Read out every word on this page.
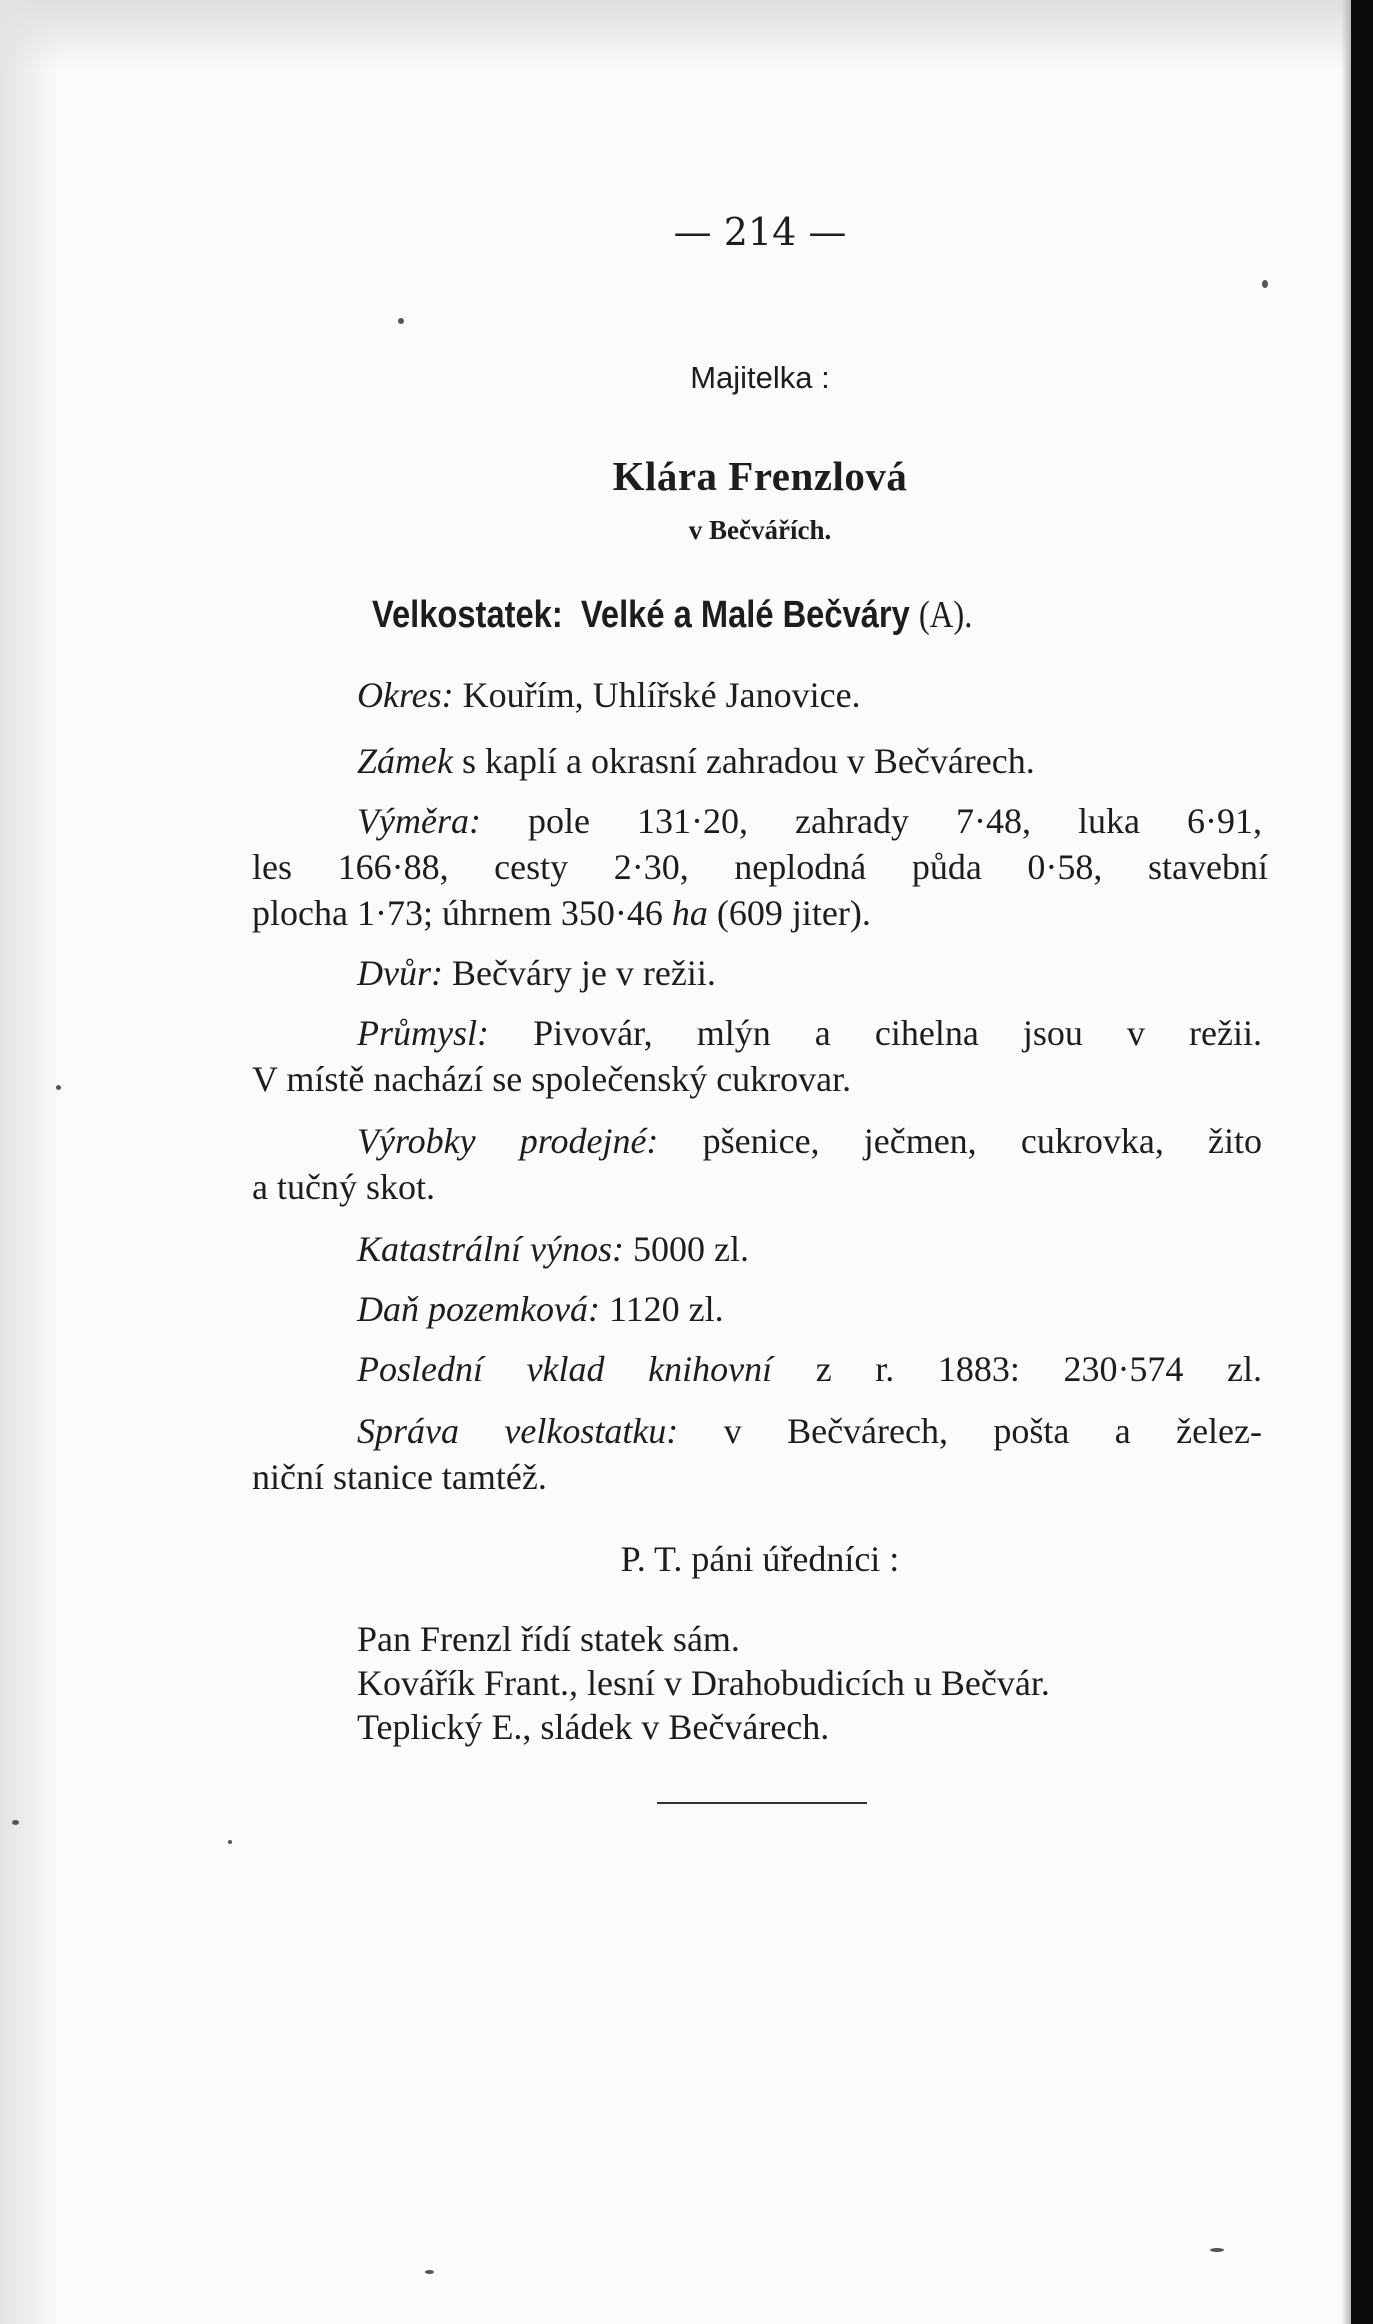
— 214 —
Majitelka :
Klára Frenzlová
v Bečvářích.
Velkostatek: Velké a Malé Bečváry (A).
Okres: Kouřím, Uhlířské Janovice.
Zámek s kaplí a okrasní zahradou v Bečvárech.
Výměra: pole 131·20, zahrady 7·48, luka 6·91,
les 166·88, cesty 2·30, neplodná půda 0·58, stavební
plocha 1·73; úhrnem 350·46 ha (609 jiter).
Dvůr: Bečváry je v režii.
Průmysl: Pivovár, mlýn a cihelna jsou v režii.
V místě nachází se společenský cukrovar.
Výrobky prodejné: pšenice, ječmen, cukrovka, žito
a tučný skot.
Katastrální výnos: 5000 zl.
Daň pozemková: 1120 zl.
Poslední vklad knihovní z r. 1883: 230·574 zl.
Správa velkostatku: v Bečvárech, pošta a želez-
niční stanice tamtéž.
P. T. páni úředníci :
Pan Frenzl řídí statek sám.
Kovářík Frant., lesní v Drahobudicích u Bečvár.
Teplický E., sládek v Bečvárech.
